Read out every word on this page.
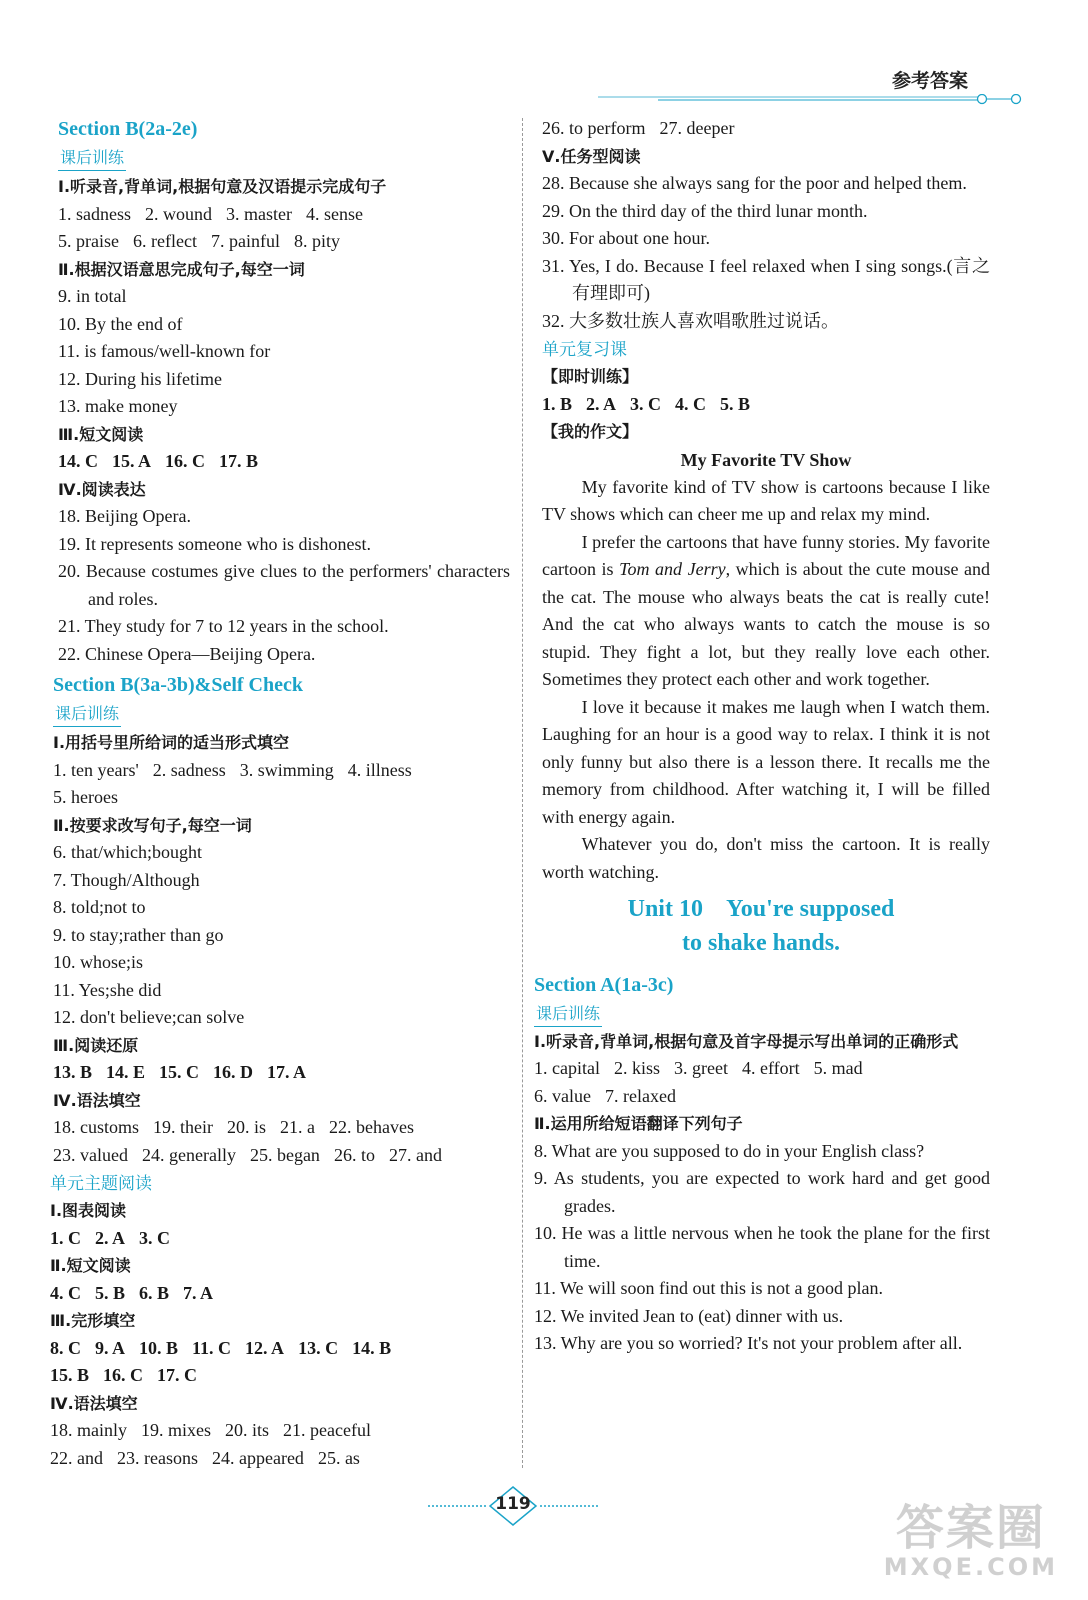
参考答案
Section B(2a-2e)
课后训练
Ⅰ.听录音,背单词,根据句意及汉语提示完成句子
1. sadness 2. wound 3. master 4. sense
5. praise 6. reflect 7. painful 8. pity
Ⅱ.根据汉语意思完成句子,每空一词
9. in total
10. By the end of
11. is famous/well-known for
12. During his lifetime
13. make money
Ⅲ.短文阅读
14. C 15. A 16. C 17. B
Ⅳ.阅读表达
18. Beijing Opera.
19. It represents someone who is dishonest.
20. Because costumes give clues to the performers' characters and roles.
21. They study for 7 to 12 years in the school.
22. Chinese Opera—Beijing Opera.
Section B(3a-3b)&Self Check
课后训练
Ⅰ.用括号里所给词的适当形式填空
1. ten years' 2. sadness 3. swimming 4. illness
5. heroes
Ⅱ.按要求改写句子,每空一词
6. that/which;bought
7. Though/Although
8. told;not to
9. to stay;rather than go
10. whose;is
11. Yes;she did
12. don't believe;can solve
Ⅲ.阅读还原
13. B 14. E 15. C 16. D 17. A
Ⅳ.语法填空
18. customs 19. their 20. is 21. a 22. behaves
23. valued 24. generally 25. began 26. to 27. and
单元主题阅读
Ⅰ.图表阅读
1. C 2. A 3. C
Ⅱ.短文阅读
4. C 5. B 6. B 7. A
Ⅲ.完形填空
8. C 9. A 10. B 11. C 12. A 13. C 14. B
15. B 16. C 17. C
Ⅳ.语法填空
18. mainly 19. mixes 20. its 21. peaceful
22. and 23. reasons 24. appeared 25. as
26. to perform 27. deeper
Ⅴ.任务型阅读
28. Because she always sang for the poor and helped them.
29. On the third day of the third lunar month.
30. For about one hour.
31. Yes, I do. Because I feel relaxed when I sing songs.(言之有理即可)
32. 大多数壮族人喜欢唱歌胜过说话。
单元复习课
【即时训练】
1. B 2. A 3. C 4. C 5. B
【我的作文】
My Favorite TV Show

My favorite kind of TV show is cartoons because I like TV shows which can cheer me up and relax my mind.

I prefer the cartoons that have funny stories. My favorite cartoon is Tom and Jerry, which is about the cute mouse and the cat. The mouse who always beats the cat is really cute! And the cat who always wants to catch the mouse is so stupid. They fight a lot, but they really love each other. Sometimes they protect each other and work together.

I love it because it makes me laugh when I watch them. Laughing for an hour is a good way to relax. I think it is not only funny but also there is a lesson there. It recalls me the memory from childhood. After watching it, I will be filled with energy again.

Whatever you do, don't miss the cartoon. It is really worth watching.

Unit 10    You're supposed
to shake hands.
Section A(1a-3c)
课后训练
Ⅰ.听录音,背单词,根据句意及首字母提示写出单词的正确形式
1. capital 2. kiss 3. greet 4. effort 5. mad
6. value 7. relaxed
Ⅱ.运用所给短语翻译下列句子
8. What are you supposed to do in your English class?
9. As students, you are expected to work hard and get good grades.
10. He was a little nervous when he took the plane for the first time.
11. We will soon find out this is not a good plan.
12. We invited Jean to (eat) dinner with us.
13. Why are you so worried? It's not your problem after all.
119	答案圈
MXQE.COM
